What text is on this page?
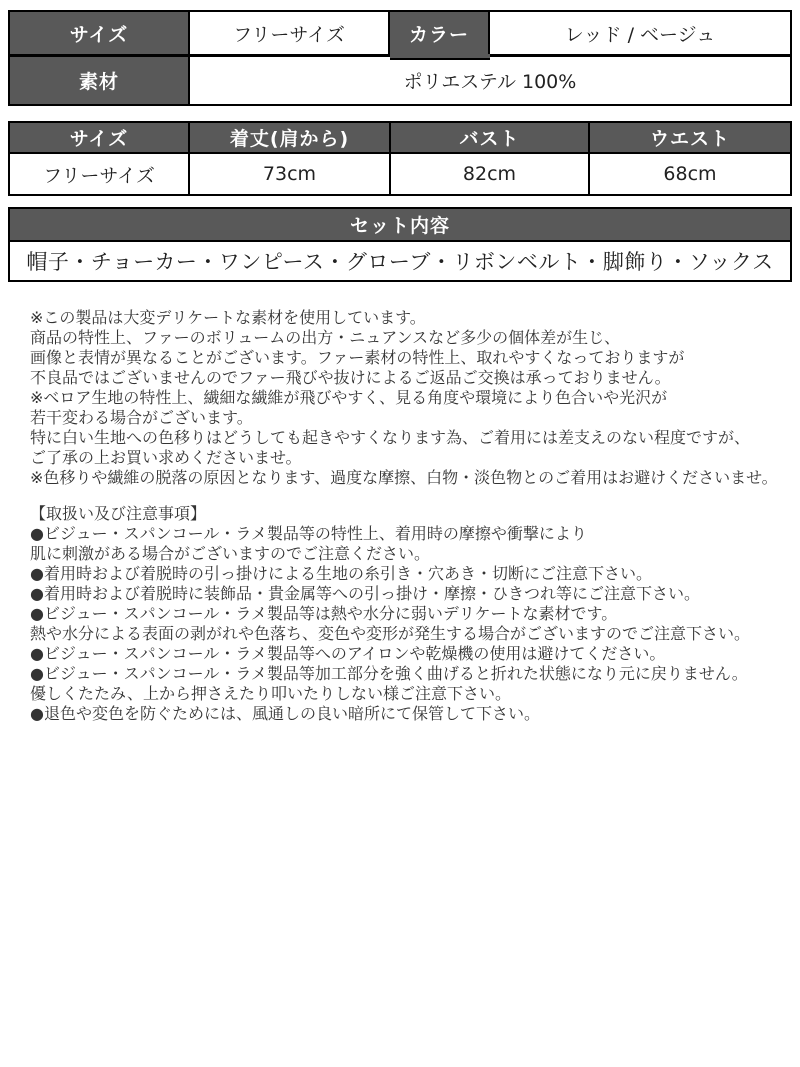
サイズ	フリーサイズ	カラー	レッド / ベージュ
素材	ポリエステル 100%
サイズ	着丈(肩から)	バスト	ウエスト
フリーサイズ	73cm	82cm	68cm
セット内容
帽子・チョーカー・ワンピース・グローブ・リボンベルト・脚飾り・ソックス
※この製品は大変デリケートな素材を使用しています。
商品の特性上、ファーのボリュームの出方・ニュアンスなど多少の個体差が生じ、
画像と表情が異なることがございます。ファー素材の特性上、取れやすくなっておりますが
不良品ではございませんのでファー飛びや抜けによるご返品ご交換は承っておりません。
※ベロア生地の特性上、繊細な繊維が飛びやすく、見る角度や環境により色合いや光沢が
若干変わる場合がございます。
特に白い生地への色移りはどうしても起きやすくなります為、ご着用には差支えのない程度ですが、
ご了承の上お買い求めくださいませ。
※色移りや繊維の脱落の原因となります、過度な摩擦、白物・淡色物とのご着用はお避けくださいませ。
【取扱い及び注意事項】
●ビジュー・スパンコール・ラメ製品等の特性上、着用時の摩擦や衝撃により
肌に刺激がある場合がございますのでご注意ください。
●着用時および着脱時の引っ掛けによる生地の糸引き・穴あき・切断にご注意下さい。
●着用時および着脱時に装飾品・貴金属等への引っ掛け・摩擦・ひきつれ等にご注意下さい。
●ビジュー・スパンコール・ラメ製品等は熱や水分に弱いデリケートな素材です。
熱や水分による表面の剥がれや色落ち、変色や変形が発生する場合がございますのでご注意下さい。
●ビジュー・スパンコール・ラメ製品等へのアイロンや乾燥機の使用は避けてください。
●ビジュー・スパンコール・ラメ製品等加工部分を強く曲げると折れた状態になり元に戻りません。
優しくたたみ、上から押さえたり叩いたりしない様ご注意下さい。
●退色や変色を防ぐためには、風通しの良い暗所にて保管して下さい。
